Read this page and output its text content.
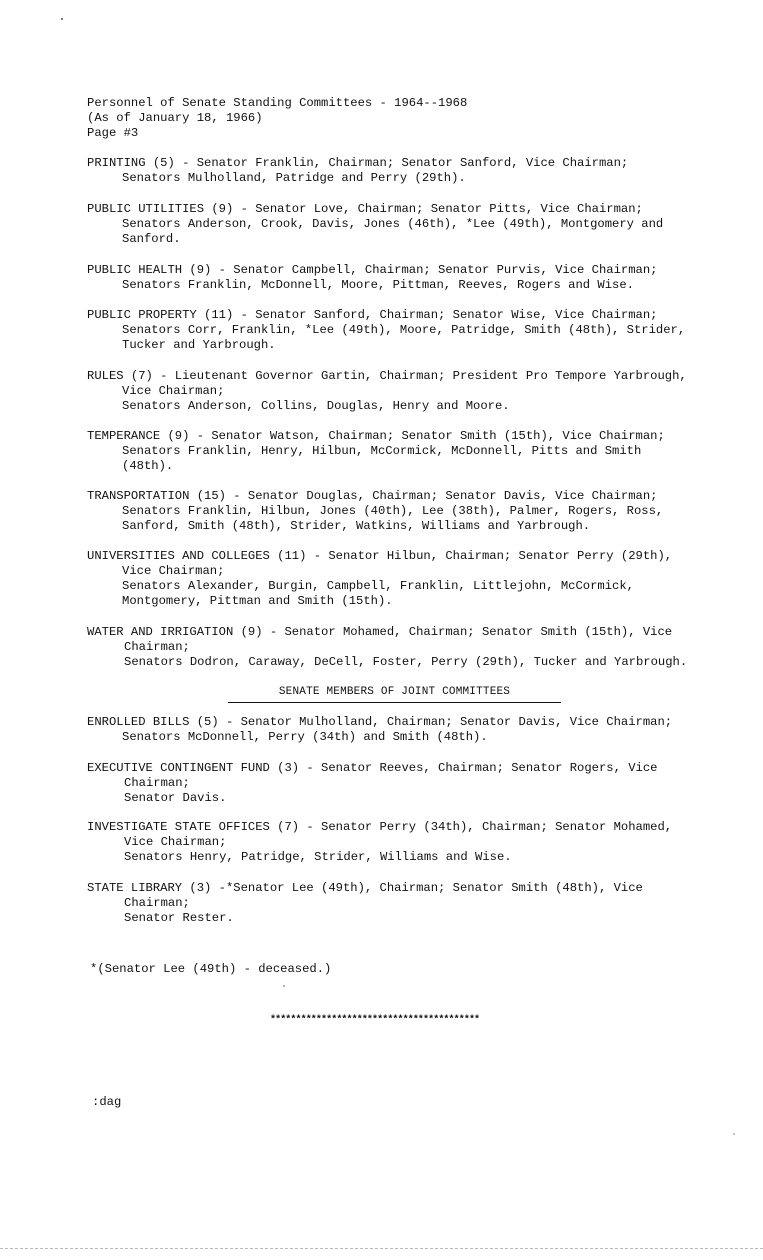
Personnel of Senate Standing Committees - 1964--1968
(As of January 18, 1966)
Page #3
PRINTING (5) - Senator Franklin, Chairman; Senator Sanford, Vice Chairman;
Senators Mulholland, Patridge and Perry (29th).
PUBLIC UTILITIES (9) - Senator Love, Chairman; Senator Pitts, Vice Chairman;
Senators Anderson, Crook, Davis, Jones (46th), *Lee (49th), Montgomery and
Sanford.
PUBLIC HEALTH (9) - Senator Campbell, Chairman; Senator Purvis, Vice Chairman;
Senators Franklin, McDonnell, Moore, Pittman, Reeves, Rogers and Wise.
PUBLIC PROPERTY (11) - Senator Sanford, Chairman; Senator Wise, Vice Chairman;
Senators Corr, Franklin, *Lee (49th), Moore, Patridge, Smith (48th), Strider,
Tucker and Yarbrough.
RULES (7) - Lieutenant Governor Gartin, Chairman; President Pro Tempore Yarbrough,
Vice Chairman;
Senators Anderson, Collins, Douglas, Henry and Moore.
TEMPERANCE (9) - Senator Watson, Chairman; Senator Smith (15th), Vice Chairman;
Senators Franklin, Henry, Hilbun, McCormick, McDonnell, Pitts and Smith
(48th).
TRANSPORTATION (15) - Senator Douglas, Chairman; Senator Davis, Vice Chairman;
Senators Franklin, Hilbun, Jones (40th), Lee (38th), Palmer, Rogers, Ross,
Sanford, Smith (48th), Strider, Watkins, Williams and Yarbrough.
UNIVERSITIES AND COLLEGES (11) - Senator Hilbun, Chairman; Senator Perry (29th),
Vice Chairman;
Senators Alexander, Burgin, Campbell, Franklin, Littlejohn, McCormick,
Montgomery, Pittman and Smith (15th).
WATER AND IRRIGATION (9) - Senator Mohamed, Chairman; Senator Smith (15th), Vice
Chairman;
Senators Dodron, Caraway, DeCell, Foster, Perry (29th), Tucker and Yarbrough.
SENATE MEMBERS OF JOINT COMMITTEES
ENROLLED BILLS (5) - Senator Mulholland, Chairman; Senator Davis, Vice Chairman;
Senators McDonnell, Perry (34th) and Smith (48th).
EXECUTIVE CONTINGENT FUND (3) - Senator Reeves, Chairman; Senator Rogers, Vice
Chairman;
Senator Davis.
INVESTIGATE STATE OFFICES (7) - Senator Perry (34th), Chairman; Senator Mohamed,
Vice Chairman;
Senators Henry, Patridge, Strider, Williams and Wise.
STATE LIBRARY (3) -*Senator Lee (49th), Chairman; Senator Smith (48th), Vice
Chairman;
Senator Rester.
*(Senator Lee (49th) - deceased.)
*****************************************
:dag
